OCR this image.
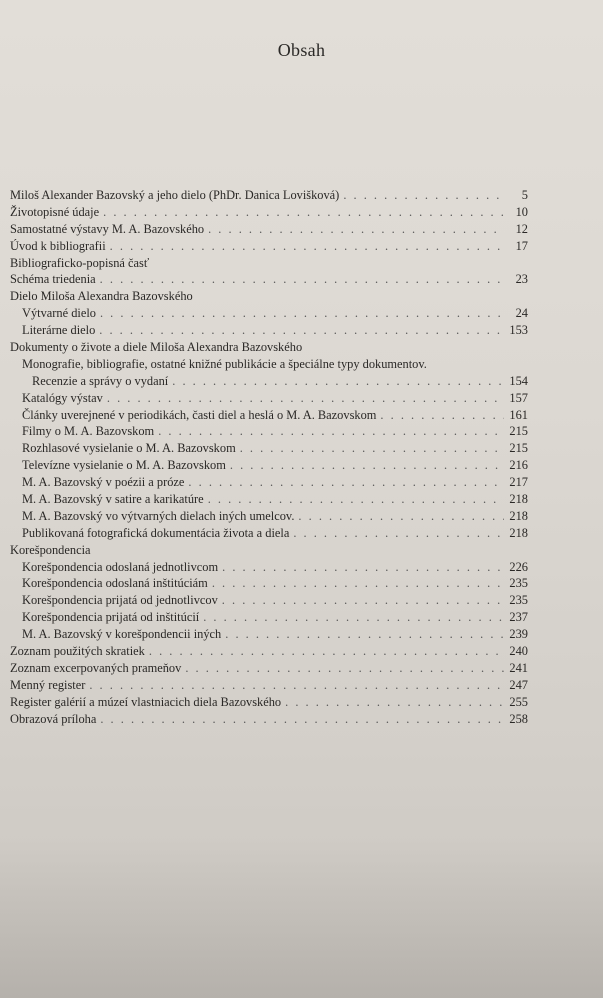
Obsah
Miloš Alexander Bazovský a jeho dielo (PhDr. Danica Lovišková) . . .	5
Životopisné údaje . . .	10
Samostatné výstavy M. A. Bazovského . . .	12
Úvod k bibliografii . . .	17
Bibliograficko-popisná časť
Schéma triedenia . . .	23
Dielo Miloša Alexandra Bazovského
Výtvarné dielo . . .	24
Literárne dielo . . .	153
Dokumenty o živote a diele Miloša Alexandra Bazovského
Monografie, bibliografie, ostatné knižné publikácie a špeciálne typy dokumentov.
Recenzie a správy o vydaní . . .	154
Katalógy výstav . . .	157
Články uverejnené v periodikách, časti diel a heslá o M. A. Bazovskom . . .	161
Filmy o M. A. Bazovskom . . .	215
Rozhlasové vysielanie o M. A. Bazovskom . . .	215
Televízne vysielanie o M. A. Bazovskom . . .	216
M. A. Bazovský v poézii a próze . . .	217
M. A. Bazovský v satire a karikatúre . . .	218
M. A. Bazovský vo výtvarných dielach iných umelcov. . . .	218
Publikovaná fotografická dokumentácia života a diela . . .	218
Korešpondencia
Korešpondencia odoslaná jednotlivcom . . .	226
Korešpondencia odoslaná inštitúciám . . .	235
Korešpondencia prijatá od jednotlivcov . . .	235
Korešpondencia prijatá od inštitúcií . . .	237
M. A. Bazovský v korešpondencii iných . . .	239
Zoznam použitých skratiek . . .	240
Zoznam excerpovaných prameňov . . .	241
Menný register . . .	247
Register galérií a múzeí vlastniacich diela Bazovského . . .	255
Obrazová príloha . . .	258
